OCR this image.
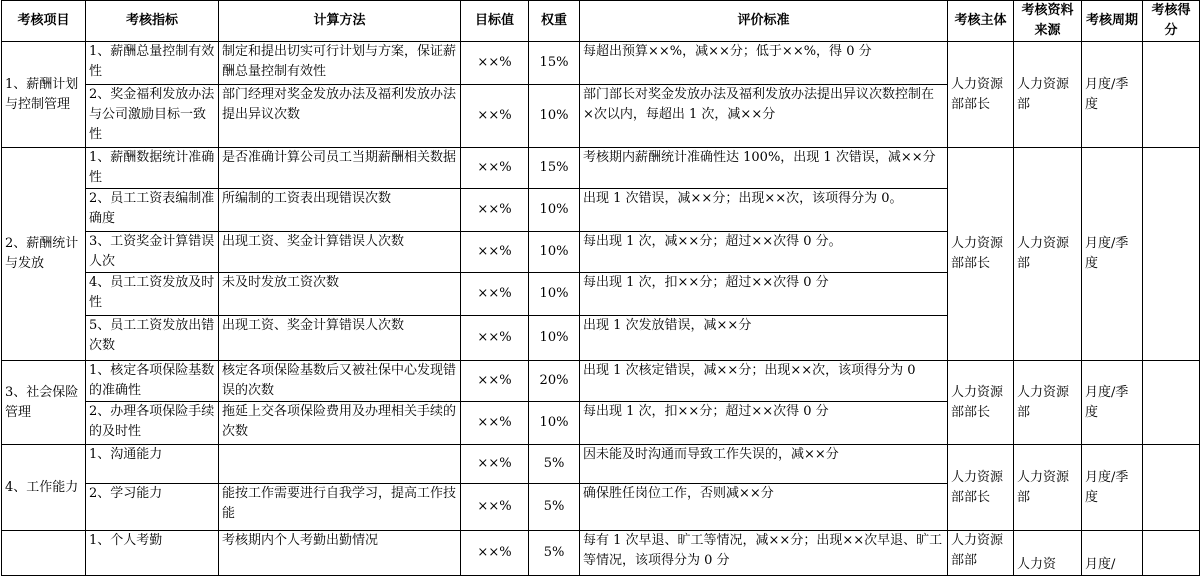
考核项目	考核指标	计算方法	目标值	权重	评价标准	考核主体	考核资料来源	考核周期	考核得分
1、薪酬计划与控制管理	1、薪酬总量控制有效性	制定和提出切实可行计划与方案，保证薪酬总量控制有效性	××%	15%	每超出预算××%，减××分；低于××%，得 0 分	人力资源部部长	人力资源部	月度/季度	
	2、奖金福利发放办法与公司激励目标一致性	部门经理对奖金发放办法及福利发放办法提出异议次数	××%	10%	部门部长对奖金发放办法及福利发放办法提出异议次数控制在×次以内，每超出 1 次，减××分				
2、薪酬统计与发放	1、薪酬数据统计准确性	是否准确计算公司员工当期薪酬相关数据	××%	15%	考核期内薪酬统计准确性达 100%，出现 1 次错误，减××分	人力资源部部长	人力资源部	月度/季度	
	2、员工工资表编制准确度	所编制的工资表出现错误次数	××%	10%	出现 1 次错误，减××分；出现××次，该项得分为 0。				
	3、工资奖金计算错误人次	出现工资、奖金计算错误人次数	××%	10%	每出现 1 次，减××分；超过××次得 0 分。				
	4、员工工资发放及时性	未及时发放工资次数	××%	10%	每出现 1 次，扣××分；超过××次得 0 分				
	5、员工工资发放出错次数	出现工资、奖金计算错误人次数	××%	10%	出现 1 次发放错误，减××分				
3、社会保险管理	1、核定各项保险基数的准确性	核定各项保险基数后又被社保中心发现错误的次数	××%	20%	出现 1 次核定错误，减××分；出现××次，该项得分为 0	人力资源部部长	人力资源部	月度/季度	
	2、办理各项保险手续的及时性	拖延上交各项保险费用及办理相关手续的次数	××%	10%	每出现 1 次，扣××分；超过××次得 0 分				
4、工作能力	1、沟通能力		××%	5%	因未能及时沟通而导致工作失误的，减××分	人力资源部部长	人力资源部	月度/季度	
	2、学习能力	能按工作需要进行自我学习，提高工作技能	××%	5%	确保胜任岗位工作，否则减××分				
	1、个人考勤	考核期内个人考勤出勤情况	××%	5%	每有 1 次早退、旷工等情况，减××分；出现××次早退、旷工等情况，该项得分为 0 分	人力资源部部	人力资	月度/	
